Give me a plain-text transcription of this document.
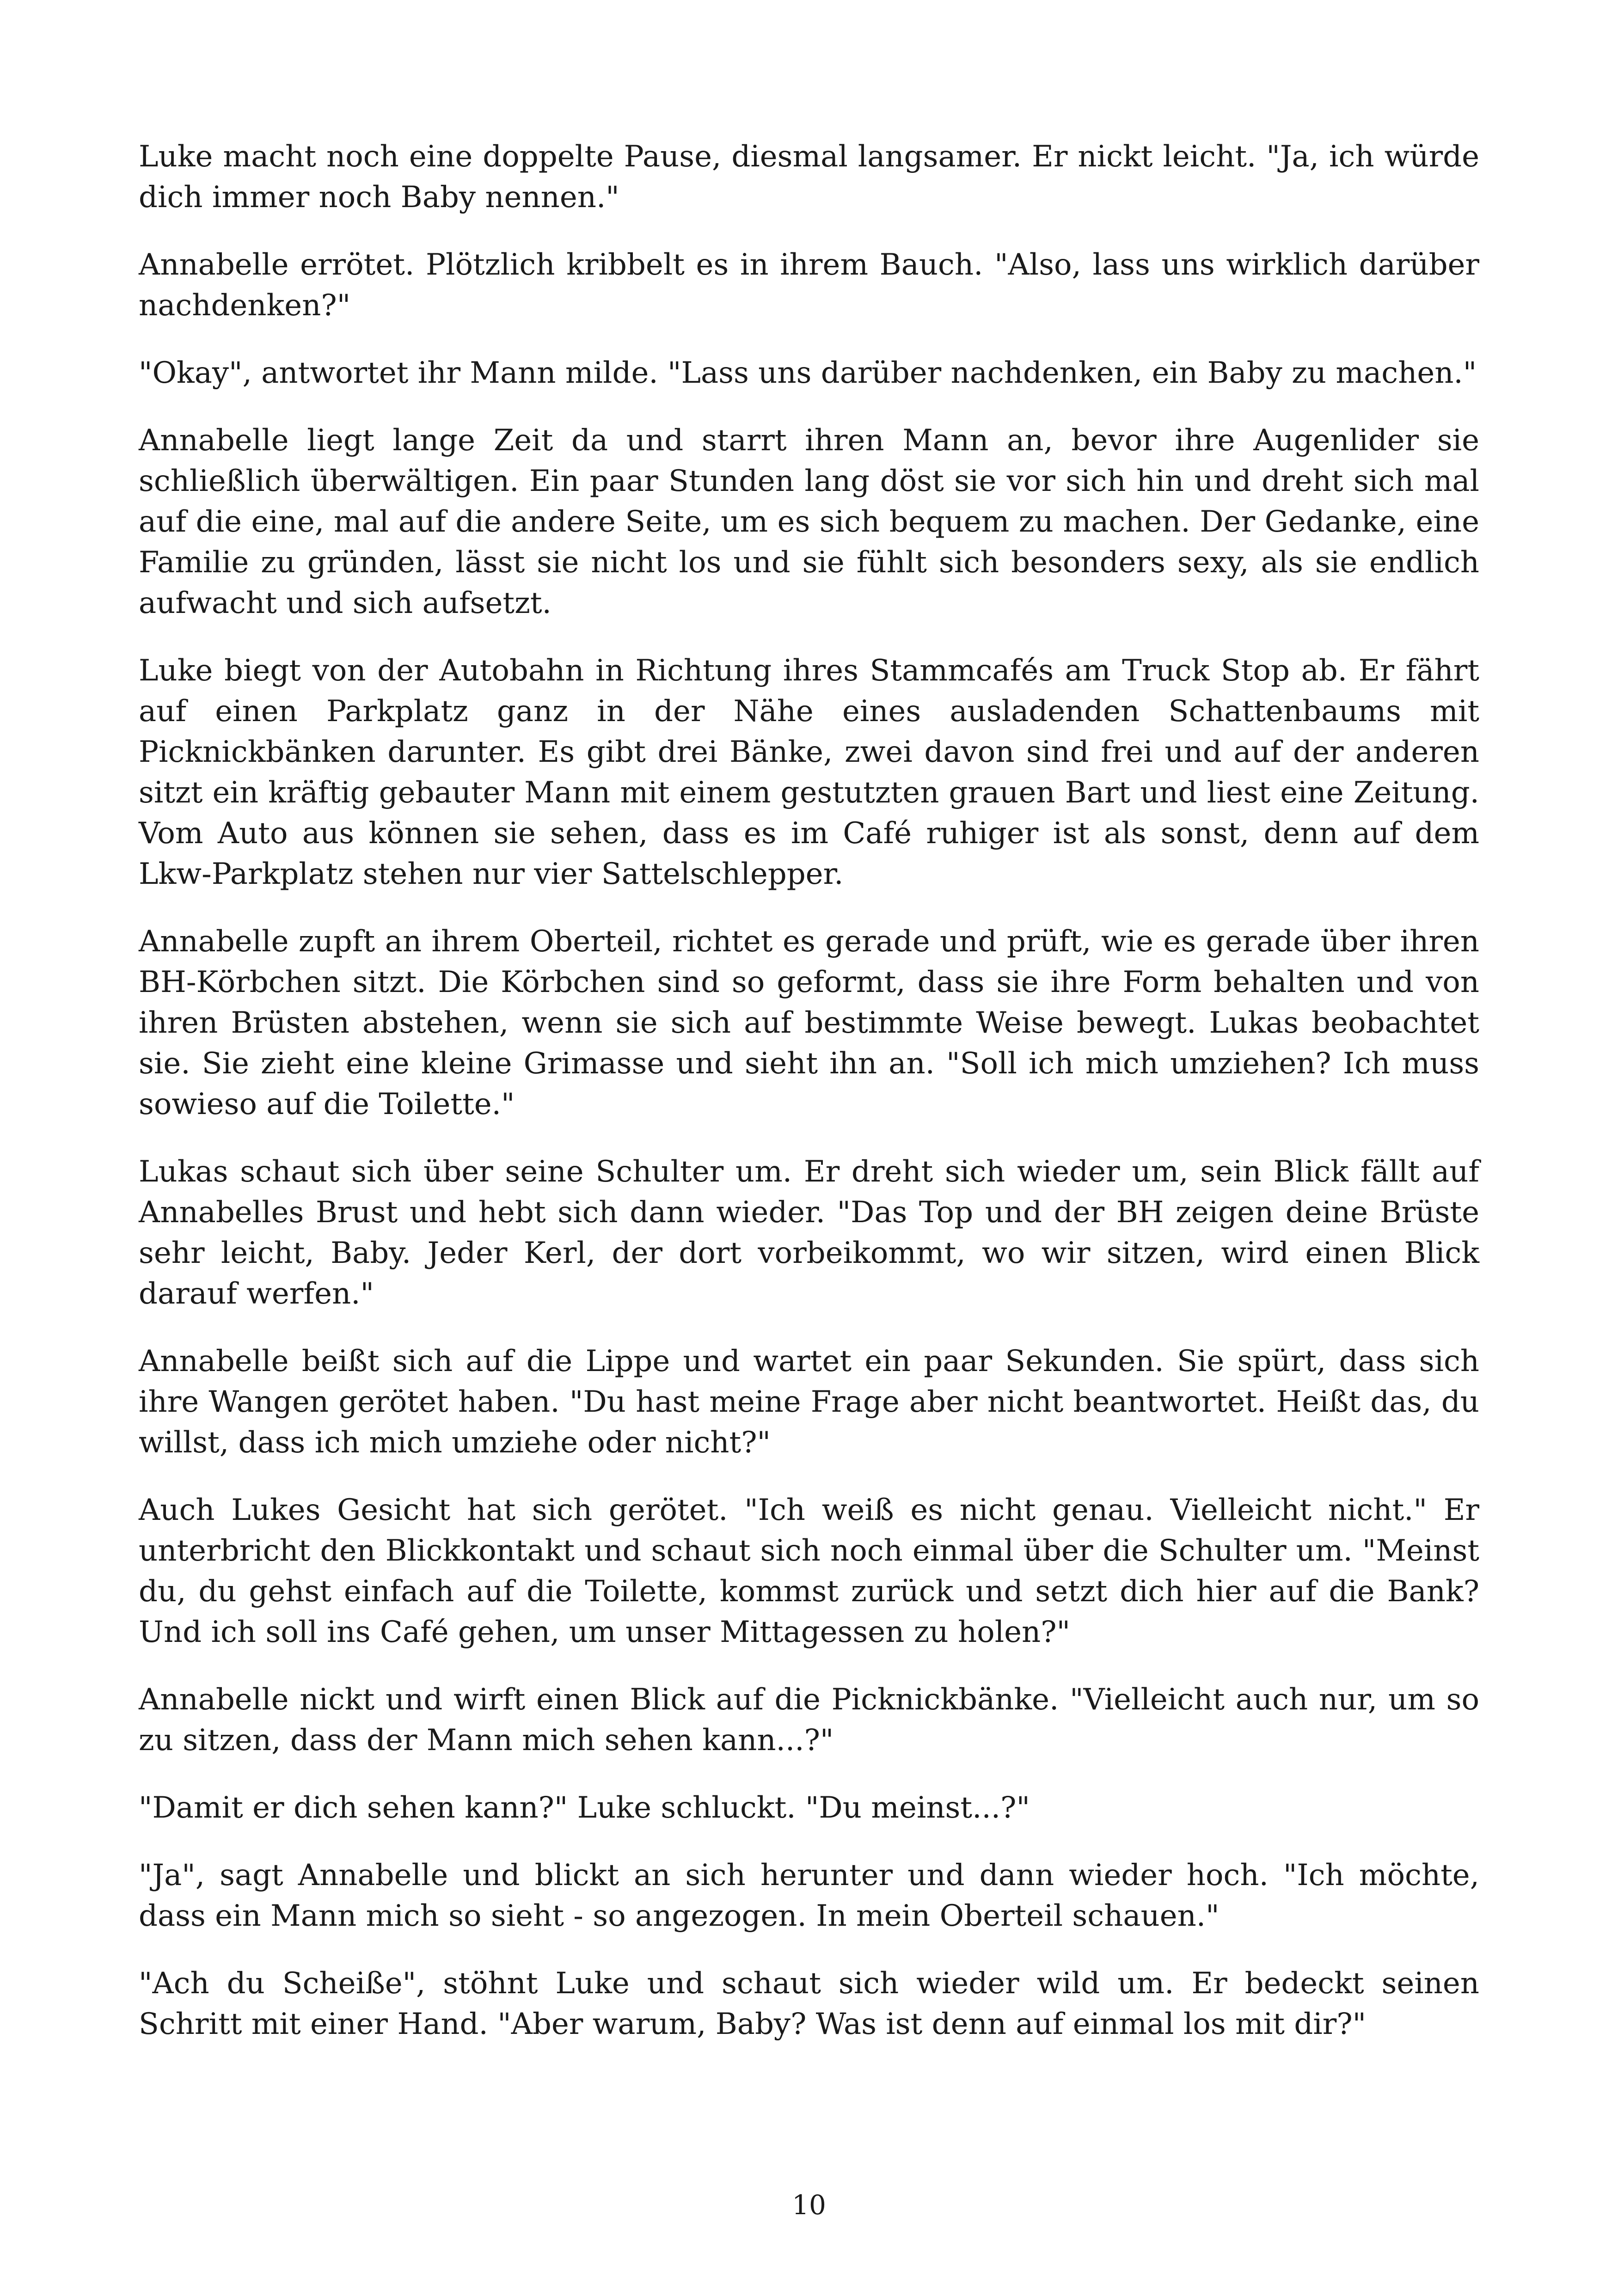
Luke macht noch eine doppelte Pause, diesmal langsamer. Er nickt leicht. "Ja, ich würde dich immer noch Baby nennen."

Annabelle errötet. Plötzlich kribbelt es in ihrem Bauch. "Also, lass uns wirklich darüber nachdenken?"

"Okay", antwortet ihr Mann milde. "Lass uns darüber nachdenken, ein Baby zu machen."

Annabelle liegt lange Zeit da und starrt ihren Mann an, bevor ihre Augenlider sie schließlich überwältigen. Ein paar Stunden lang döst sie vor sich hin und dreht sich mal auf die eine, mal auf die andere Seite, um es sich bequem zu machen. Der Gedanke, eine Familie zu gründen, lässt sie nicht los und sie fühlt sich besonders sexy, als sie endlich aufwacht und sich aufsetzt.

Luke biegt von der Autobahn in Richtung ihres Stammcafés am Truck Stop ab. Er fährt auf einen Parkplatz ganz in der Nähe eines ausladenden Schattenbaums mit Picknickbänken darunter. Es gibt drei Bänke, zwei davon sind frei und auf der anderen sitzt ein kräftig gebauter Mann mit einem gestutzten grauen Bart und liest eine Zeitung. Vom Auto aus können sie sehen, dass es im Café ruhiger ist als sonst, denn auf dem Lkw-Parkplatz stehen nur vier Sattelschlepper.

Annabelle zupft an ihrem Oberteil, richtet es gerade und prüft, wie es gerade über ihren BH-Körbchen sitzt. Die Körbchen sind so geformt, dass sie ihre Form behalten und von ihren Brüsten abstehen, wenn sie sich auf bestimmte Weise bewegt. Lukas beobachtet sie. Sie zieht eine kleine Grimasse und sieht ihn an. "Soll ich mich umziehen? Ich muss sowieso auf die Toilette."

Lukas schaut sich über seine Schulter um. Er dreht sich wieder um, sein Blick fällt auf Annabelles Brust und hebt sich dann wieder. "Das Top und der BH zeigen deine Brüste sehr leicht, Baby. Jeder Kerl, der dort vorbeikommt, wo wir sitzen, wird einen Blick darauf werfen."

Annabelle beißt sich auf die Lippe und wartet ein paar Sekunden. Sie spürt, dass sich ihre Wangen gerötet haben. "Du hast meine Frage aber nicht beantwortet. Heißt das, du willst, dass ich mich umziehe oder nicht?"

Auch Lukes Gesicht hat sich gerötet. "Ich weiß es nicht genau. Vielleicht nicht." Er unterbricht den Blickkontakt und schaut sich noch einmal über die Schulter um. "Meinst du, du gehst einfach auf die Toilette, kommst zurück und setzt dich hier auf die Bank? Und ich soll ins Café gehen, um unser Mittagessen zu holen?"

Annabelle nickt und wirft einen Blick auf die Picknickbänke. "Vielleicht auch nur, um so zu sitzen, dass der Mann mich sehen kann...?"

"Damit er dich sehen kann?" Luke schluckt. "Du meinst...?"

"Ja", sagt Annabelle und blickt an sich herunter und dann wieder hoch. "Ich möchte, dass ein Mann mich so sieht - so angezogen. In mein Oberteil schauen."

"Ach du Scheiße", stöhnt Luke und schaut sich wieder wild um. Er bedeckt seinen Schritt mit einer Hand. "Aber warum, Baby? Was ist denn auf einmal los mit dir?"

10
